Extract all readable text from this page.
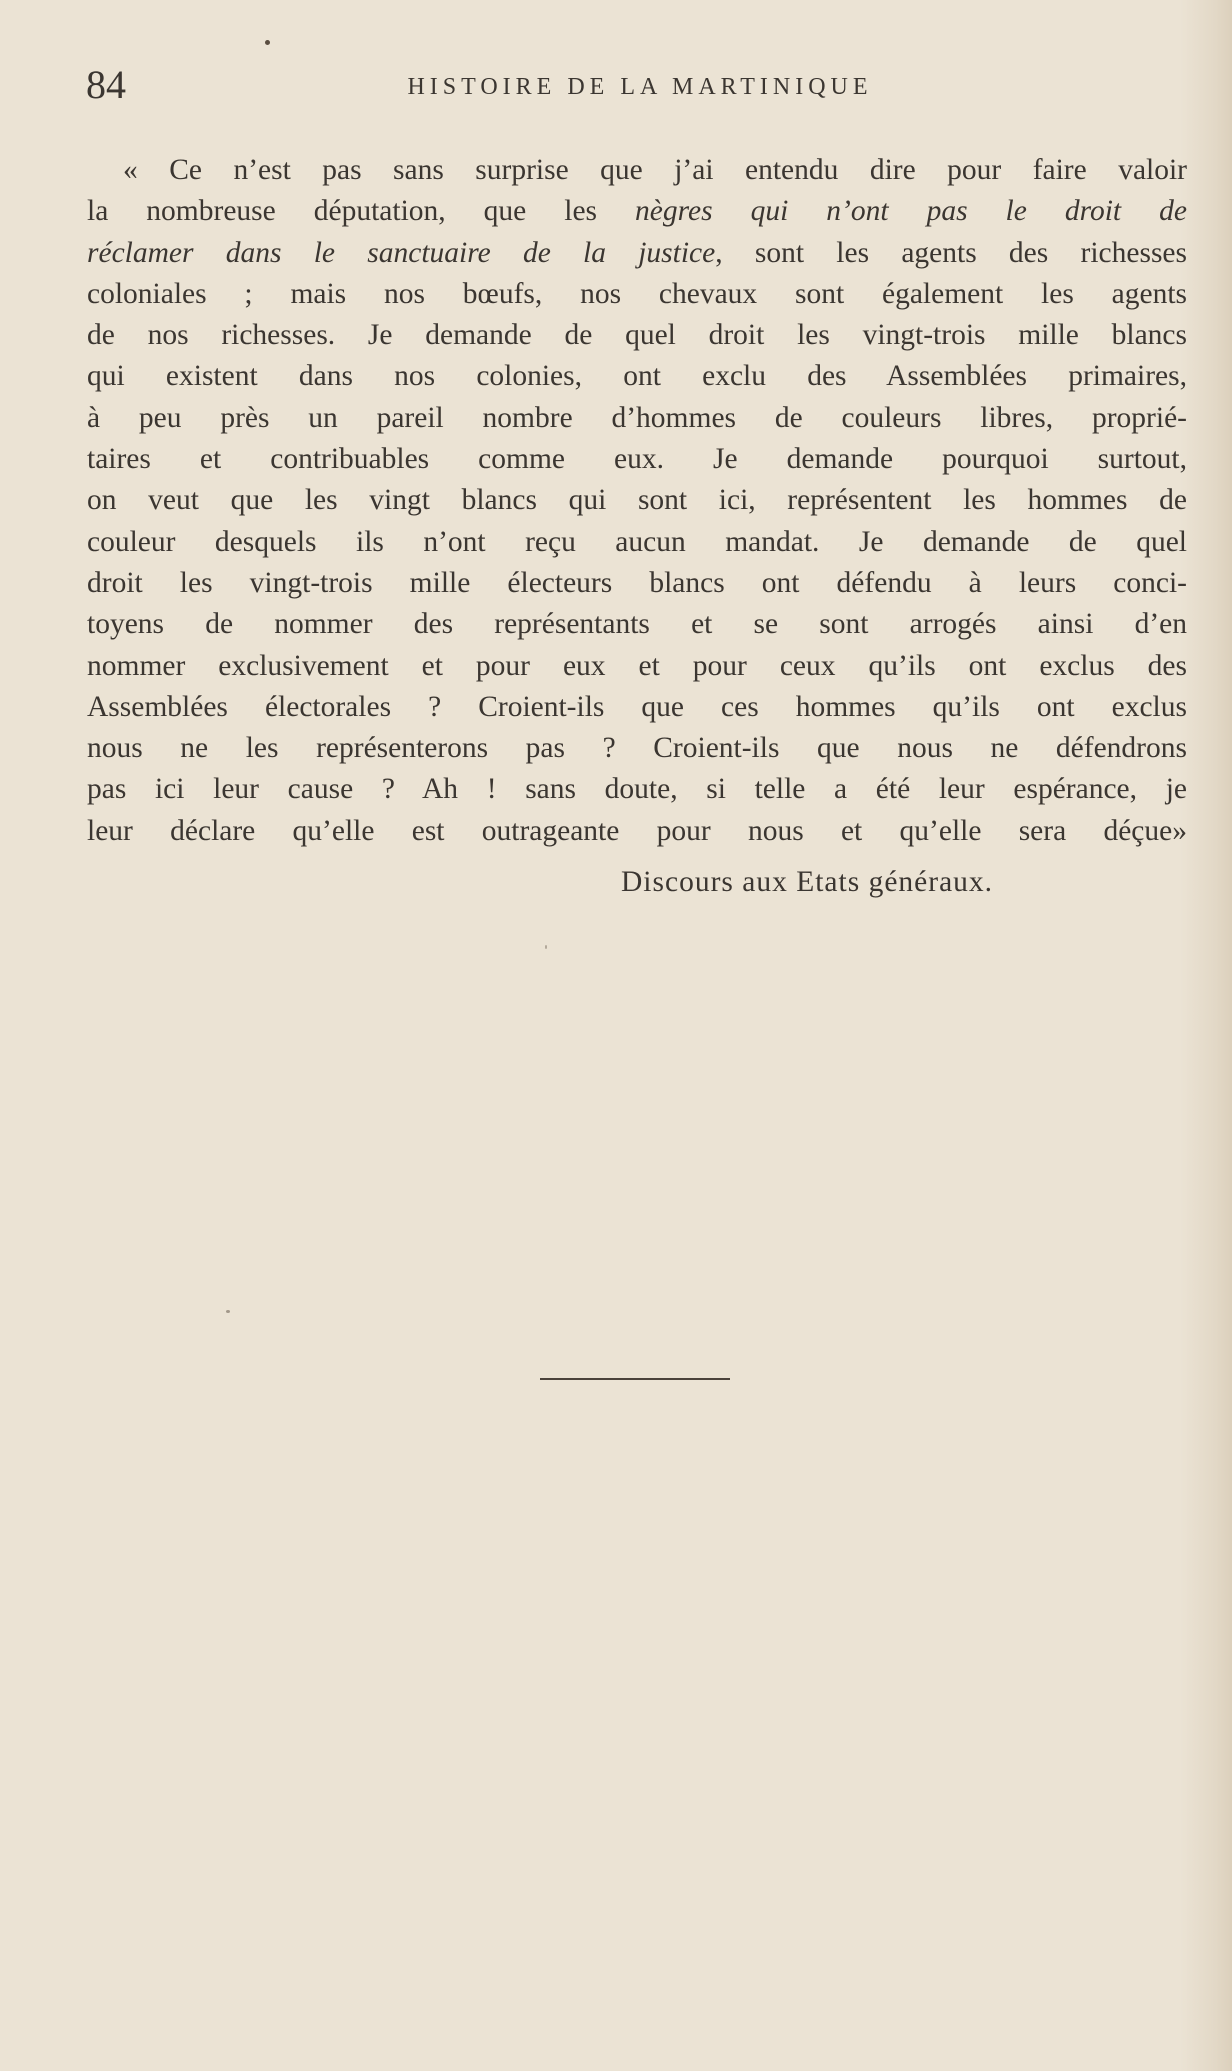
84	HISTOIRE DE LA MARTINIQUE
« Ce n’est pas sans surprise que j’ai entendu dire pour faire valoir
la nombreuse députation, que les nègres qui n’ont pas le droit de
réclamer dans le sanctuaire de la justice, sont les agents des richesses
coloniales ; mais nos bœufs, nos chevaux sont également les agents
de nos richesses. Je demande de quel droit les vingt-trois mille blancs
qui existent dans nos colonies, ont exclu des Assemblées primaires,
à peu près un pareil nombre d’hommes de couleurs libres, proprié-
taires et contribuables comme eux. Je demande pourquoi surtout,
on veut que les vingt blancs qui sont ici, représentent les hommes de
couleur desquels ils n’ont reçu aucun mandat. Je demande de quel
droit les vingt-trois mille électeurs blancs ont défendu à leurs conci-
toyens de nommer des représentants et se sont arrogés ainsi d’en
nommer exclusivement et pour eux et pour ceux qu’ils ont exclus des
Assemblées électorales ? Croient-ils que ces hommes qu’ils ont exclus
nous ne les représenterons pas ? Croient-ils que nous ne défendrons
pas ici leur cause ? Ah ! sans doute, si telle a été leur espérance, je
leur déclare qu’elle est outrageante pour nous et qu’elle sera déçue»
Discours aux Etats généraux.
